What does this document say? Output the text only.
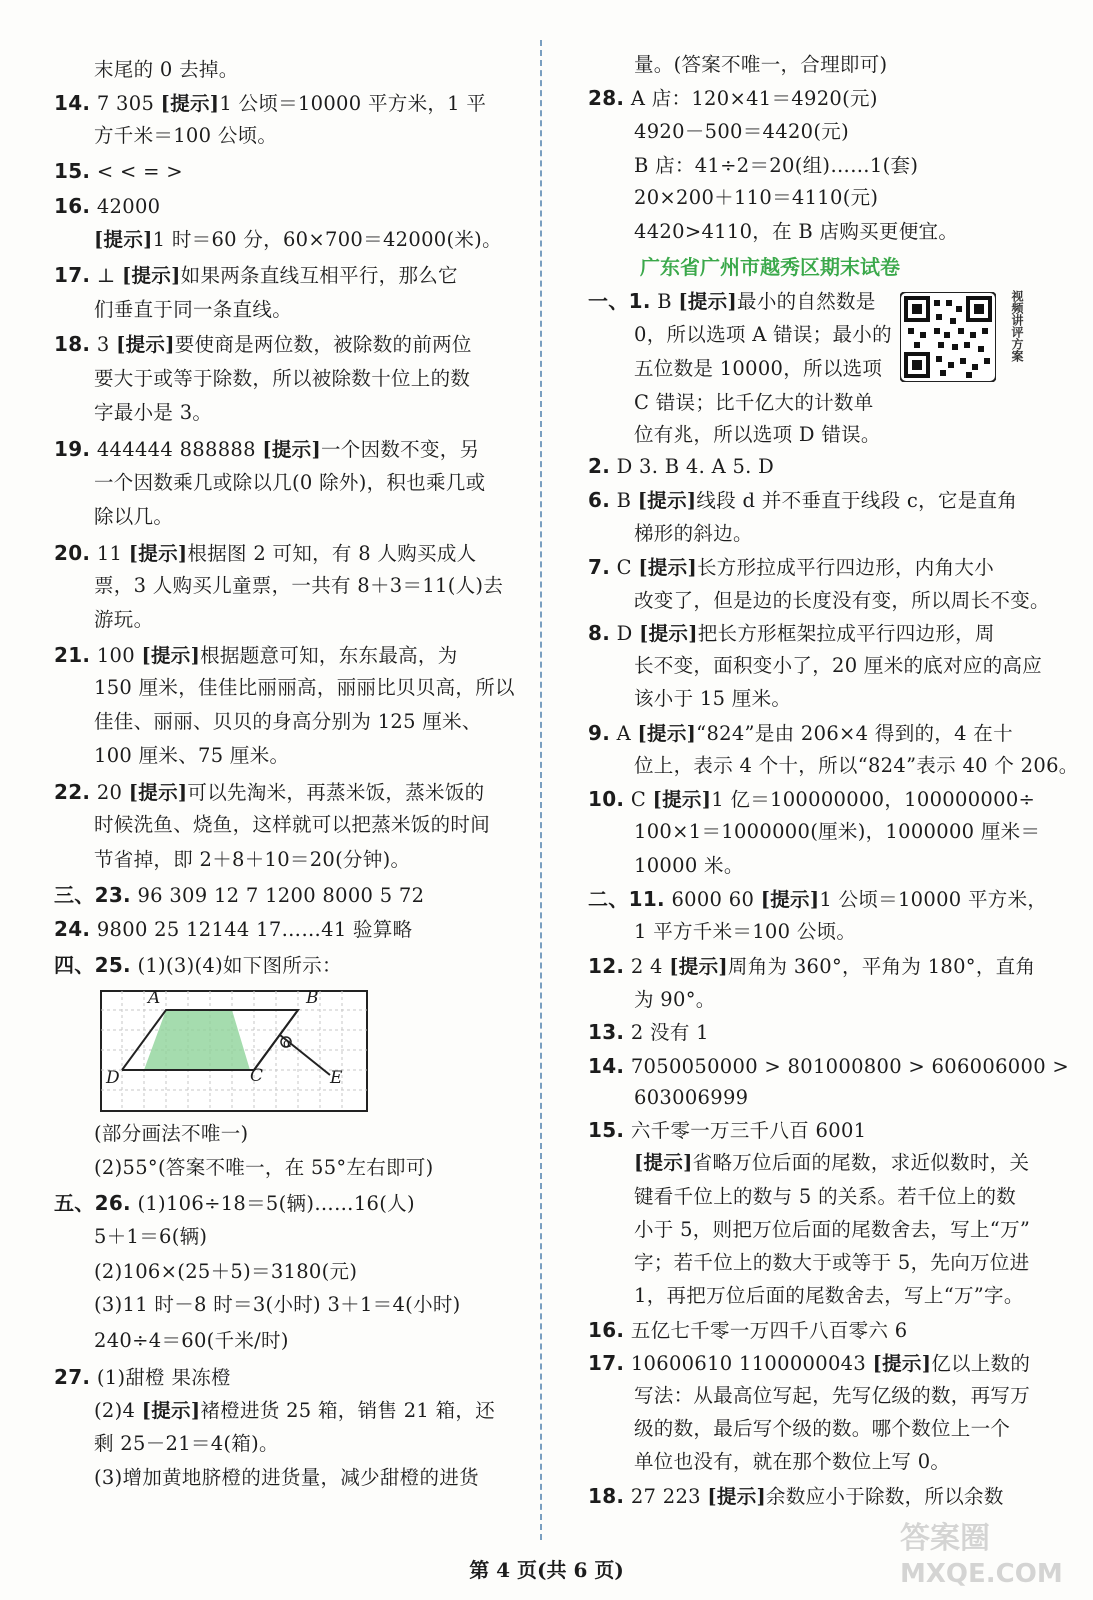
末尾的 0 去掉。
14. 7 305 [提示]1 公顷＝10000 平方米，1 平
方千米＝100 公顷。
15. < < = >
16. 42000
[提示]1 时＝60 分，60×700＝42000(米)。
17. ⊥ [提示]如果两条直线互相平行，那么它
们垂直于同一条直线。
18. 3 [提示]要使商是两位数，被除数的前两位
要大于或等于除数，所以被除数十位上的数
字最小是 3。
19. 444444 888888 [提示]一个因数不变，另
一个因数乘几或除以几(0 除外)，积也乘几或
除以几。
20. 11 [提示]根据图 2 可知，有 8 人购买成人
票，3 人购买儿童票，一共有 8＋3＝11(人)去
游玩。
21. 100 [提示]根据题意可知，东东最高，为
150 厘米，佳佳比丽丽高，丽丽比贝贝高，所以
佳佳、丽丽、贝贝的身高分别为 125 厘米、
100 厘米、75 厘米。
22. 20 [提示]可以先淘米，再蒸米饭，蒸米饭的
时候洗鱼、烧鱼，这样就可以把蒸米饭的时间
节省掉，即 2＋8＋10＝20(分钟)。
三、23. 96 309 12 7 1200 8000 5 72
24. 9800 25 12144 17……41 验算略
四、25. (1)(3)(4)如下图所示：
(部分画法不唯一)
(2)55°(答案不唯一，在 55°左右即可)
五、26. (1)106÷18＝5(辆)……16(人)
5＋1＝6(辆)
(2)106×(25＋5)＝3180(元)
(3)11 时－8 时＝3(小时) 3＋1＝4(小时)
240÷4＝60(千米/时)
27. (1)甜橙 果冻橙
(2)4 [提示]褚橙进货 25 箱，销售 21 箱，还
剩 25－21＝4(箱)。
(3)增加黄地脐橙的进货量，减少甜橙的进货
量。(答案不唯一，合理即可)
28. A 店：120×41＝4920(元)
4920－500＝4420(元)
B 店：41÷2＝20(组)……1(套)
20×200＋110＝4110(元)
4420>4110，在 B 店购买更便宜。
一、1. B [提示]最小的自然数是
0，所以选项 A 错误；最小的
五位数是 10000，所以选项
C 错误；比千亿大的计数单
位有兆，所以选项 D 错误。
2. D 3. B 4. A 5. D
6. B [提示]线段 d 并不垂直于线段 c，它是直角
梯形的斜边。
7. C [提示]长方形拉成平行四边形，内角大小
改变了，但是边的长度没有变，所以周长不变。
8. D [提示]把长方形框架拉成平行四边形，周
长不变，面积变小了，20 厘米的底对应的高应
该小于 15 厘米。
9. A [提示]“824”是由 206×4 得到的，4 在十
位上，表示 4 个十，所以“824”表示 40 个 206。
10. C [提示]1 亿＝100000000，100000000÷
100×1＝1000000(厘米)，1000000 厘米＝
10000 米。
二、11. 6000 60 [提示]1 公顷＝10000 平方米，
1 平方千米＝100 公顷。
12. 2 4 [提示]周角为 360°，平角为 180°，直角
为 90°。
13. 2 没有 1
14. 7050050000 > 801000800 > 606006000 >
603006999
15. 六千零一万三千八百 6001
[提示]省略万位后面的尾数，求近似数时，关
键看千位上的数与 5 的关系。若千位上的数
小于 5，则把万位后面的尾数舍去，写上“万”
字；若千位上的数大于或等于 5，先向万位进
1，再把万位后面的尾数舍去，写上“万”字。
16. 五亿七千零一万四千八百零六 6
17. 10600610 1100000043 [提示]亿以上数的
写法：从最高位写起，先写亿级的数，再写万
级的数，最后写个级的数。哪个数位上一个
单位也没有，就在那个数位上写 0。
18. 27 223 [提示]余数应小于除数，所以余数
广东省广州市越秀区期末试卷
视频讲评方案
A	B
C
D	E
α
第 4 页(共 6 页)
答案圈
MXQE.COM
